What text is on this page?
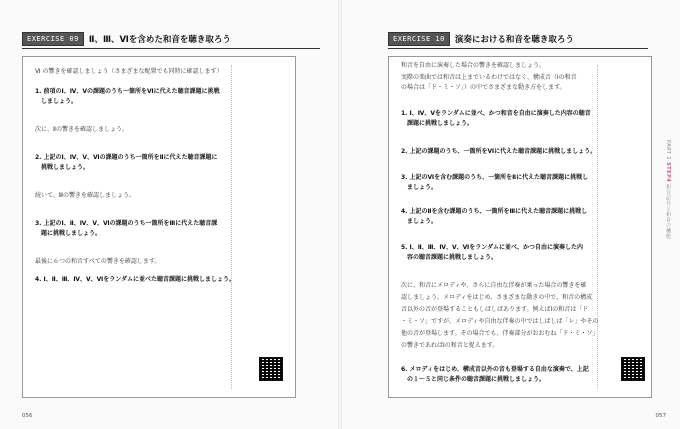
EXERCISE 09	Ⅱ、Ⅲ、Ⅵを含めた和音を聴き取ろう
Ⅵ の響きを確認しましょう（さまざまな配置でも同時に確認します）
1. 前項のⅠ、Ⅳ、Ⅴの課題のうち一箇所をⅥに代えた聴音課題に挑戦
　しましょう。
次に、Ⅱの響きを確認しましょう。
2. 上記のⅠ、Ⅳ、Ⅴ、Ⅵの課題のうち一箇所をⅡに代えた聴音課題に
　挑戦しましょう。
続いて、Ⅲの響きを確認しましょう。
3. 上記のⅠ、Ⅱ、Ⅳ、Ⅴ、Ⅵの課題のうち一箇所をⅢに代えた聴音課
　題に挑戦しましょう。
最後に６つの和音すべての響きを確認します。
4. Ⅰ、Ⅱ、Ⅲ、Ⅳ、Ⅴ、Ⅵをランダムに並べた聴音課題に挑戦しましょう。
056
EXERCISE 10	演奏における和音を聴き取ろう
和音を自由に演奏した場合の響きを確認しましょう。
実際の楽曲では和音は上までいるわけではなく、構成音（Ⅰの和音
の場合は「ド・ミ・ソ」）の中でさまざまな動き方をします。
1. Ⅰ、Ⅳ、Ⅴをランダムに並べ、かつ和音を自由に演奏した内容の聴音
　課題に挑戦しましょう。
2. 上記の課題のうち、一箇所をⅥに代えた聴音課題に挑戦しましょう。
3. 上記のⅥを含む課題のうち、一箇所をⅡに代えた聴音課題に挑戦し
　ましょう。
4. 上記のⅡを含む課題のうち、一箇所をⅢに代えた聴音課題に挑戦し
　ましょう。
5. Ⅰ、Ⅱ、Ⅲ、Ⅳ、Ⅴ、Ⅵをランダムに並べ、かつ自由に演奏した内
　容の聴音課題に挑戦しましょう。
次に、和音にメロディや、さらに自由な伴奏が乗った場合の響きを確
認しましょう。メロディをはじめ、さまざまな動きの中で、和音の構成
音以外の音が登場することもしばしばあります。例えばⅠの和音は「ド
・ミ・ソ」ですが、メロディや自由な伴奏の中ではしばしば「レ」やその
他の音が登場します。その場合でも、伴奏部分がおおむね「ド・ミ・ソ」
の響きであればⅠの和音と捉えます。
6. メロディをはじめ、構成音以外の音も登場する自由な演奏で、上記
　の１～５と同じ条件の聴音課題に挑戦しましょう。
PART 2 STEP4 和音記号と和音の機能
057
